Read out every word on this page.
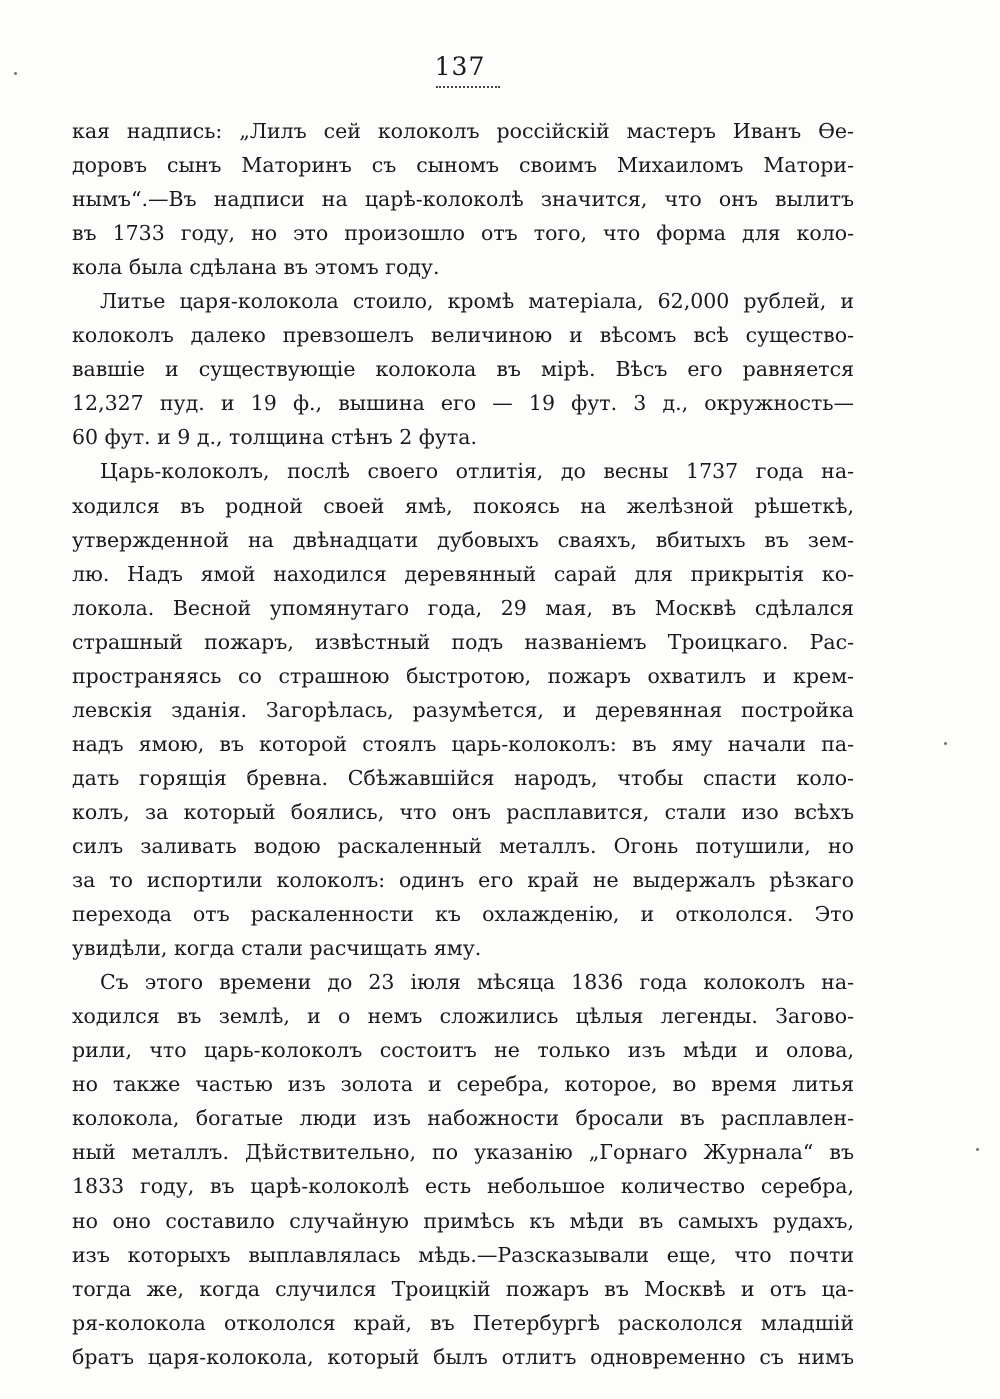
137
кая надпись: „Лилъ сей колоколъ россійскій мастеръ Иванъ Ѳе-
доровъ сынъ Маторинъ съ сыномъ своимъ Михаиломъ Матори-
нымъ“.—Въ надписи на царѣ-колоколѣ значится, что онъ вылитъ
въ 1733 году, но это произошло отъ того, что форма для коло-
кола была сдѣлана въ этомъ году.
Литье царя-колокола стоило, кромѣ матеріала, 62,000 рублей, и
колоколъ далеко превзошелъ величиною и вѣсомъ всѣ существо-
вавшіе и существующіе колокола въ мірѣ. Вѣсъ его равняется
12,327 пуд. и 19 ф., вышина его — 19 фут. 3 д., окружность—
60 фут. и 9 д., толщина стѣнъ 2 фута.
Царь-колоколъ, послѣ своего отлитія, до весны 1737 года на-
ходился въ родной своей ямѣ, покоясь на желѣзной рѣшеткѣ,
утвержденной на двѣнадцати дубовыхъ сваяхъ, вбитыхъ въ зем-
лю. Надъ ямой находился деревянный сарай для прикрытія ко-
локола. Весной упомянутаго года, 29 мая, въ Москвѣ сдѣлался
страшный пожаръ, извѣстный подъ названіемъ Троицкаго. Рас-
пространяясь со страшною быстротою, пожаръ охватилъ и крем-
левскія зданія. Загорѣлась, разумѣется, и деревянная постройка
надъ ямою, въ которой стоялъ царь-колоколъ: въ яму начали па-
дать горящія бревна. Сбѣжавшійся народъ, чтобы спасти коло-
колъ, за который боялись, что онъ расплавится, стали изо всѣхъ
силъ заливать водою раскаленный металлъ. Огонь потушили, но
за то испортили колоколъ: одинъ его край не выдержалъ рѣзкаго
перехода отъ раскаленности къ охлажденію, и откололся. Это
увидѣли, когда стали расчищать яму.
Съ этого времени до 23 іюля мѣсяца 1836 года колоколъ на-
ходился въ землѣ, и о немъ сложились цѣлыя легенды. Загово-
рили, что царь-колоколъ состоитъ не только изъ мѣди и олова,
но также частью изъ золота и серебра, которое, во время литья
колокола, богатые люди изъ набожности бросали въ расплавлен-
ный металлъ. Дѣйствительно, по указанію „Горнаго Журнала“ въ
1833 году, въ царѣ-колоколѣ есть небольшое количество серебра,
но оно составило случайную примѣсь къ мѣди въ самыхъ рудахъ,
изъ которыхъ выплавлялась мѣдь.—Разсказывали еще, что почти
тогда же, когда случился Троицкій пожаръ въ Москвѣ и отъ ца-
ря-колокола откололся край, въ Петербургѣ раскололся младшій
братъ царя-колокола, который былъ отлитъ одновременно съ нимъ
